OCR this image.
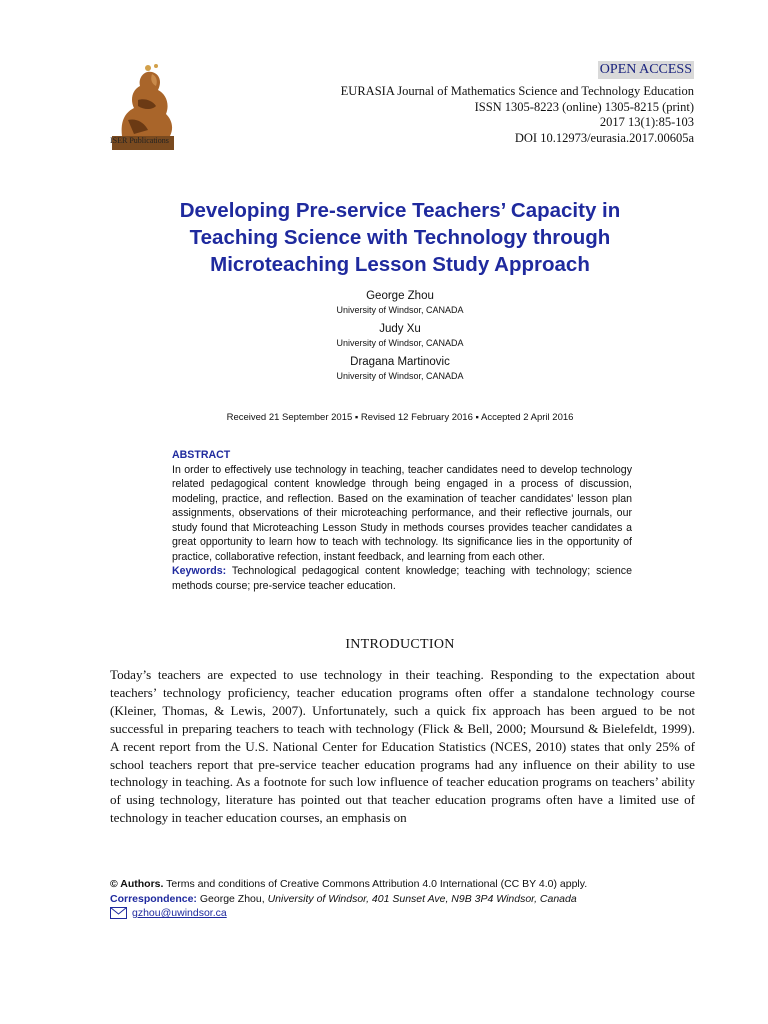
ISER Publications
OPEN ACCESS
EURASIA Journal of Mathematics Science and Technology Education
ISSN 1305-8223 (online) 1305-8215 (print)
2017 13(1):85-103
DOI 10.12973/eurasia.2017.00605a
Developing Pre-service Teachers’ Capacity in
Teaching Science with Technology through
Microteaching Lesson Study Approach
George Zhou
University of Windsor, CANADA
Judy Xu
University of Windsor, CANADA
Dragana Martinovic
University of Windsor, CANADA
Received 21 September 2015 ▪ Revised 12 February 2016 ▪ Accepted 2 April 2016
ABSTRACT
In order to effectively use technology in teaching, teacher candidates need to develop technology related pedagogical content knowledge through being engaged in a process of discussion, modeling, practice, and reflection. Based on the examination of teacher candidates' lesson plan assignments, observations of their microteaching performance, and their reflective journals, our study found that Microteaching Lesson Study in methods courses provides teacher candidates a great opportunity to learn how to teach with technology. Its significance lies in the opportunity of practice, collaborative refection, instant feedback, and learning from each other.
Keywords: Technological pedagogical content knowledge; teaching with technology; science methods course; pre-service teacher education.
INTRODUCTION
Today’s teachers are expected to use technology in their teaching. Responding to the expectation about teachers’ technology proficiency, teacher education programs often offer a standalone technology course (Kleiner, Thomas, & Lewis, 2007). Unfortunately, such a quick fix approach has been argued to be not successful in preparing teachers to teach with technology (Flick & Bell, 2000; Moursund & Bielefeldt, 1999). A recent report from the U.S. National Center for Education Statistics (NCES, 2010) states that only 25% of school teachers report that pre-service teacher education programs had any influence on their ability to use technology in teaching. As a footnote for such low influence of teacher education programs on teachers’ ability of using technology, literature has pointed out that teacher education programs often have a limited use of technology in teacher education courses, an emphasis on
© Authors. Terms and conditions of Creative Commons Attribution 4.0 International (CC BY 4.0) apply.
Correspondence: George Zhou, University of Windsor, 401 Sunset Ave, N9B 3P4 Windsor, Canada
gzhou@uwindsor.ca
